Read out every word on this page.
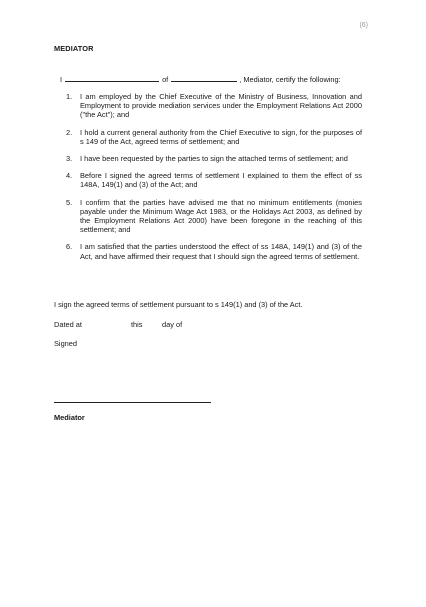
(6)
MEDIATOR
I	of	, Mediator, certify the following:
1. I am employed by the Chief Executive of the Ministry of Business, Innovation and Employment to provide mediation services under the Employment Relations Act 2000 ("the Act"); and
2. I hold a current general authority from the Chief Executive to sign, for the purposes of s 149 of the Act, agreed terms of settlement; and
3. I have been requested by the parties to sign the attached terms of settlement; and
4. Before I signed the agreed terms of settlement I explained to them the effect of ss 148A, 149(1) and (3) of the Act; and
5. I confirm that the parties have advised me that no minimum entitlements (monies payable under the Minimum Wage Act 1983, or the Holidays Act 2003, as defined by the Employment Relations Act 2000) have been foregone in the reaching of this settlement; and
6. I am satisfied that the parties understood the effect of ss 148A, 149(1) and (3) of the Act, and have affirmed their request that I should sign the agreed terms of settlement.
I sign the agreed terms of settlement pursuant to s 149(1) and (3) of the Act.
Dated at	this	day of
Signed
Mediator
